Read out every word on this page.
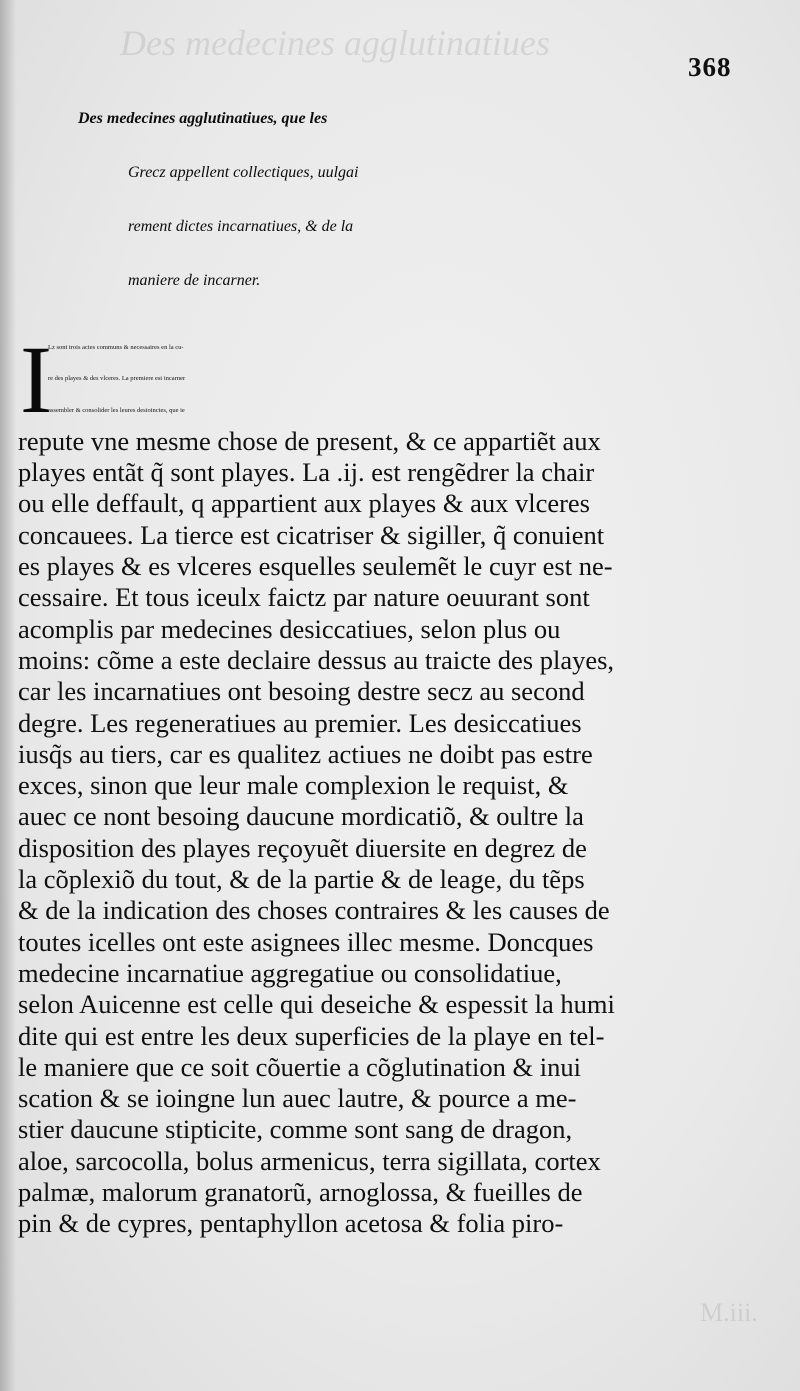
Des medecines agglutinatiues
M.iii.
368
Des medecines agglutinatiues, que les
Grecz appellent collectiques, uulgai
rement dictes incarnatiues, & de la
maniere de incarner.
I
Lz sont trois actes communs & necessaires en la cu-
re des playes & des vlceres. La premiere est incarner
assembler & consolider les leures desioinctes, que ie
repute vne mesme chose de present, & ce appartiẽt aux
playes entãt q̃ sont playes. La .ij. est rengẽdrer la chair
ou elle deffault, q appartient aux playes & aux vlceres
concauees. La tierce est cicatriser & sigiller, q̃ conuient
es playes & es vlceres esquelles seulemẽt le cuyr est ne-
cessaire. Et tous iceulx faictz par nature oeuurant sont
acomplis par medecines desiccatiues, selon plus ou
moins: cõme a este declaire dessus au traicte des playes,
car les incarnatiues ont besoing destre secz au second
degre. Les regeneratiues au premier. Les desiccatiues
iusq̃s au tiers, car es qualitez actiues ne doibt pas estre
exces, sinon que leur male complexion le requist, &
auec ce nont besoing daucune mordicatiõ, & oultre la
disposition des playes reçoyuẽt diuersite en degrez de
la cõplexiõ du tout, & de la partie & de leage, du tẽps
& de la indication des choses contraires & les causes de
toutes icelles ont este asignees illec mesme. Doncques
medecine incarnatiue aggregatiue ou consolidatiue,
selon Auicenne est celle qui deseiche & espessit la humi
dite qui est entre les deux superficies de la playe en tel-
le maniere que ce soit cõuertie a cõglutination & inui
scation & se ioingne lun auec lautre, & pource a me-
stier daucune stipticite, comme sont sang de dragon,
aloe, sarcocolla, bolus armenicus, terra sigillata, cortex
palmæ, malorum granatorũ, arnoglossa, & fueilles de
pin & de cypres, pentaphyllon acetosa & folia piro-
